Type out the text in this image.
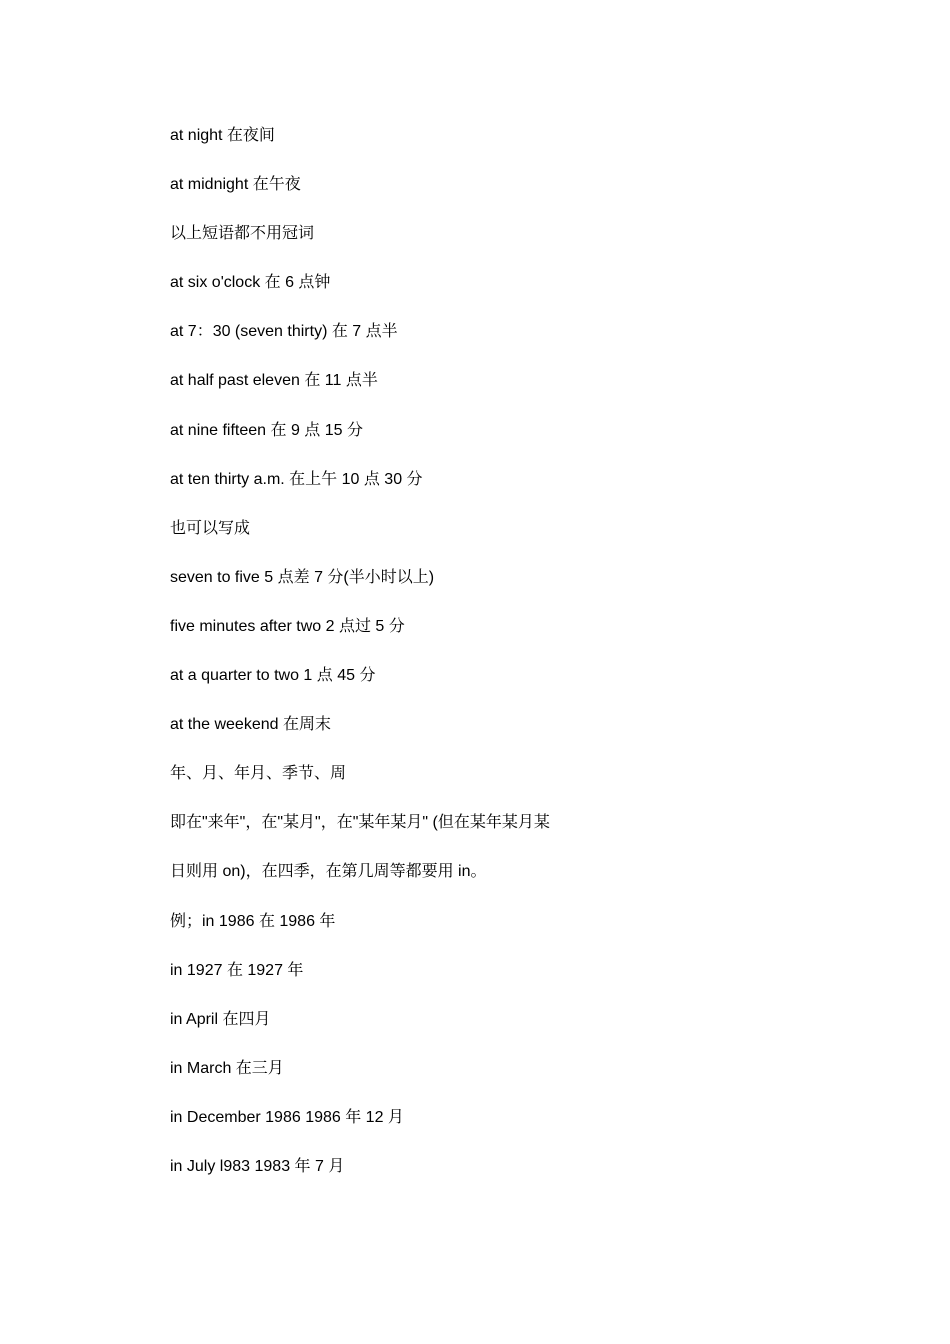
at night 在夜间
at midnight 在午夜
以上短语都不用冠词
at six o'clock 在 6 点钟
at 7：30 (seven thirty) 在 7 点半
at half past eleven 在 11 点半
at nine fifteen 在 9 点 15 分
at ten thirty a.m. 在上午 10 点 30 分
也可以写成
seven to five 5 点差 7 分(半小时以上)
five minutes after two 2 点过 5 分
at a quarter to two 1 点 45 分
at the weekend 在周末
年、月、年月、季节、周
即在"来年"，在"某月"，在"某年某月" (但在某年某月某
日则用 on)，在四季，在第几周等都要用 in。
例；in 1986 在 1986 年
in 1927 在 1927 年
in April 在四月
in March 在三月
in December 1986 1986 年 12 月
in July l983 1983 年 7 月
